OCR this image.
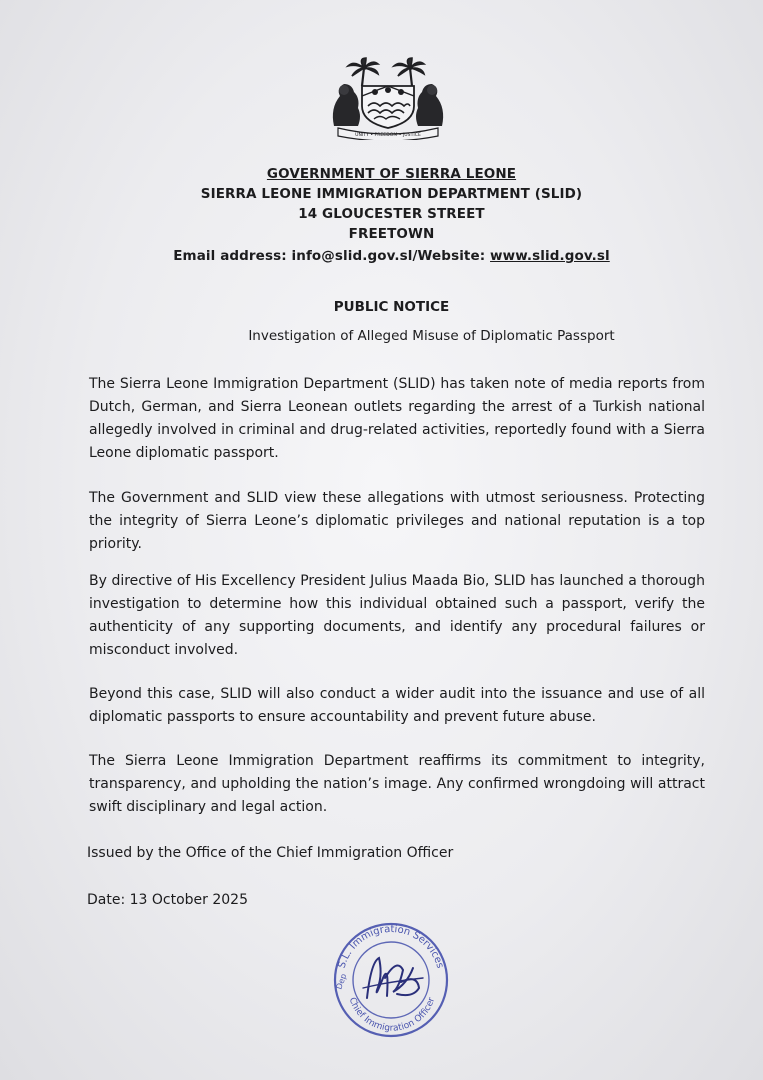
UNITY • FREEDOM • JUSTICE
GOVERNMENT OF SIERRA LEONE
SIERRA LEONE IMMIGRATION DEPARTMENT (SLID)
14 GLOUCESTER STREET
FREETOWN
Email address: info@slid.gov.sl/Website: www.slid.gov.sl
PUBLIC NOTICE
Investigation of Alleged Misuse of Diplomatic Passport

The Sierra Leone Immigration Department (SLID) has taken note of media reports from Dutch, German, and Sierra Leonean outlets regarding the arrest of a Turkish national allegedly involved in criminal and drug-related activities, reportedly found with a Sierra Leone diplomatic passport.

The Government and SLID view these allegations with utmost seriousness. Protecting the integrity of Sierra Leone’s diplomatic privileges and national reputation is a top priority.

By directive of His Excellency President Julius Maada Bio, SLID has launched a thorough investigation to determine how this individual obtained such a passport, verify the authenticity of any supporting documents, and identify any procedural failures or misconduct involved.

Beyond this case, SLID will also conduct a wider audit into the issuance and use of all diplomatic passports to ensure accountability and prevent future abuse.

The Sierra Leone Immigration Department reaffirms its commitment to integrity, transparency, and upholding the nation’s image. Any confirmed wrongdoing will attract swift disciplinary and legal action.

Issued by the Office of the Chief Immigration Officer
Date: 13 October 2025
S.L. Immigration Services
Chief Immigration Officer
Dep
